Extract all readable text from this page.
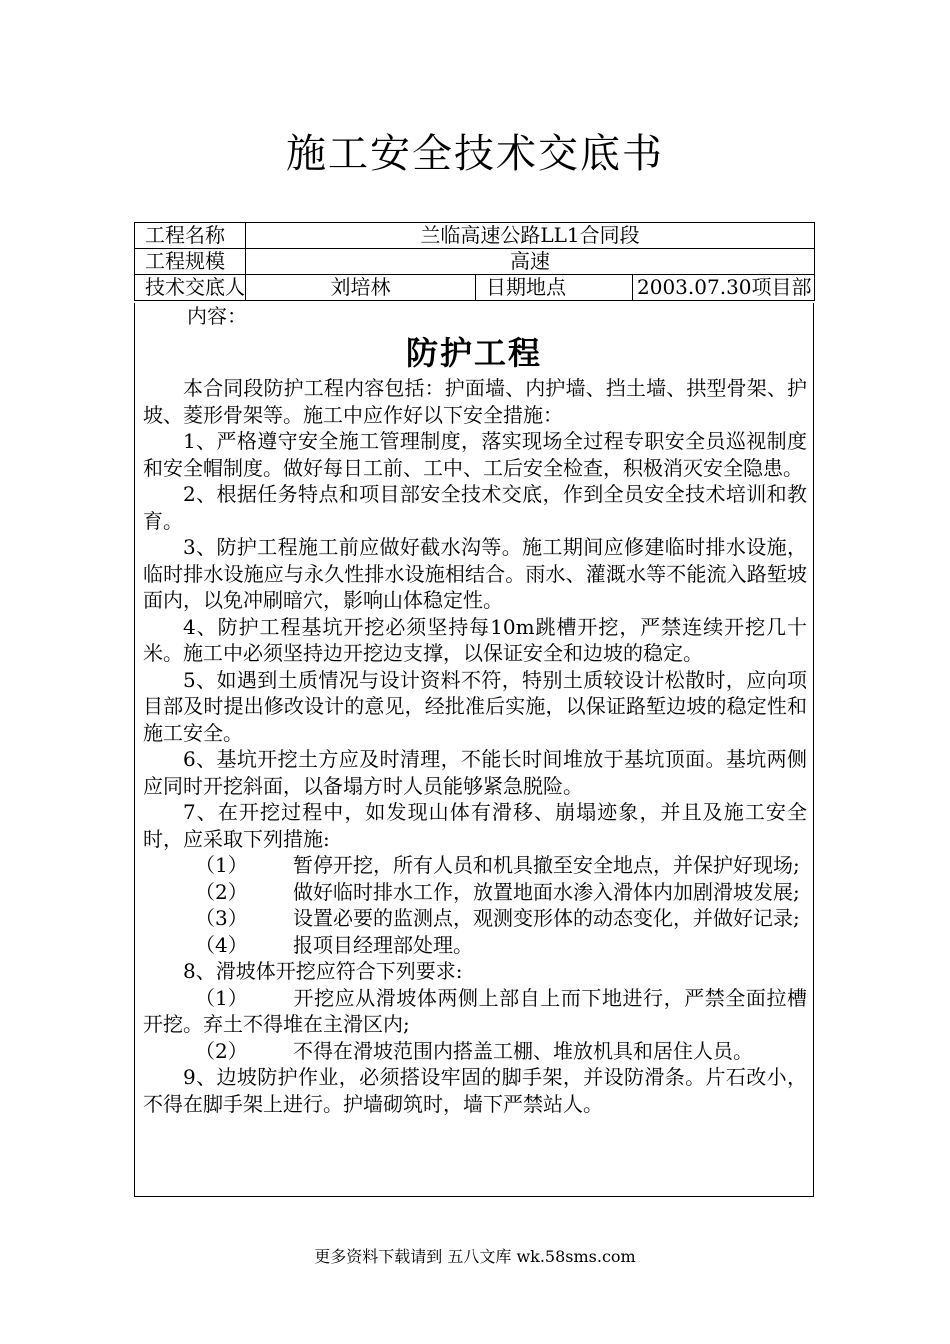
施工安全技术交底书
工程名称	兰临高速公路LL1合同段		
工程规模	高速		
技术交底人	刘培林	日期地点	2003.07.30项目部
内容：
防护工程

本合同段防护工程内容包括：护面墙、内护墙、挡土墙、拱型骨架、护坡、菱形骨架等。施工中应作好以下安全措施：

1、严格遵守安全施工管理制度，落实现场全过程专职安全员巡视制度和安全帽制度。做好每日工前、工中、工后安全检查，积极消灭安全隐患。

2、根据任务特点和项目部安全技术交底，作到全员安全技术培训和教育。

3、防护工程施工前应做好截水沟等。施工期间应修建临时排水设施，临时排水设施应与永久性排水设施相结合。雨水、灌溉水等不能流入路堑坡面内，以免冲刷暗穴，影响山体稳定性。

4、防护工程基坑开挖必须坚持每10m跳槽开挖，严禁连续开挖几十米。施工中必须坚持边开挖边支撑，以保证安全和边坡的稳定。

5、如遇到土质情况与设计资料不符，特别土质较设计松散时，应向项目部及时提出修改设计的意见，经批准后实施，以保证路堑边坡的稳定性和施工安全。

6、基坑开挖土方应及时清理，不能长时间堆放于基坑顶面。基坑两侧应同时开挖斜面，以备塌方时人员能够紧急脱险。

7、在开挖过程中，如发现山体有滑移、崩塌迹象，并且及施工安全时，应采取下列措施:

（1） 暂停开挖，所有人员和机具撤至安全地点，并保护好现场;

（2） 做好临时排水工作，放置地面水渗入滑体内加剧滑坡发展;

（3） 设置必要的监测点，观测变形体的动态变化，并做好记录;

（4） 报项目经理部处理。

8、滑坡体开挖应符合下列要求:

（1） 开挖应从滑坡体两侧上部自上而下地进行，严禁全面拉槽开挖。弃土不得堆在主滑区内;

（2） 不得在滑坡范围内搭盖工棚、堆放机具和居住人员。

9、边坡防护作业，必须搭设牢固的脚手架，并设防滑条。片石改小，不得在脚手架上进行。护墙砌筑时，墙下严禁站人。

更多资料下载请到 五八文库 wk.58sms.com
